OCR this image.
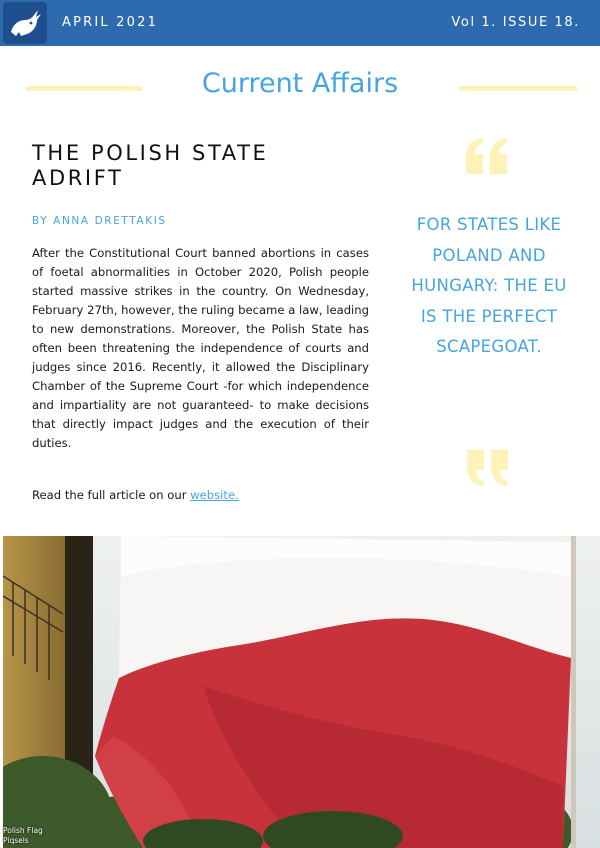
APRIL 2021	Vol 1. ISSUE 18.
Current Affairs
THE POLISH STATE ADRIFT
BY ANNA DRETTAKIS

After the Constitutional Court banned abortions in cases of foetal abnormalities in October 2020, Polish people started massive strikes in the country. On Wednesday, February 27th, however, the ruling became a law, leading to new demonstrations. Moreover, the Polish State has often been threatening the independence of courts and judges since 2016. Recently, it allowed the Disciplinary Chamber of the Supreme Court -for which independence and impartiality are not guaranteed- to make decisions that directly impact judges and the execution of their duties.

Read the full article on our website.

FOR STATES LIKE POLAND AND HUNGARY: THE EU IS THE PERFECT SCAPEGOAT.
Polish Flag
Piqsels
